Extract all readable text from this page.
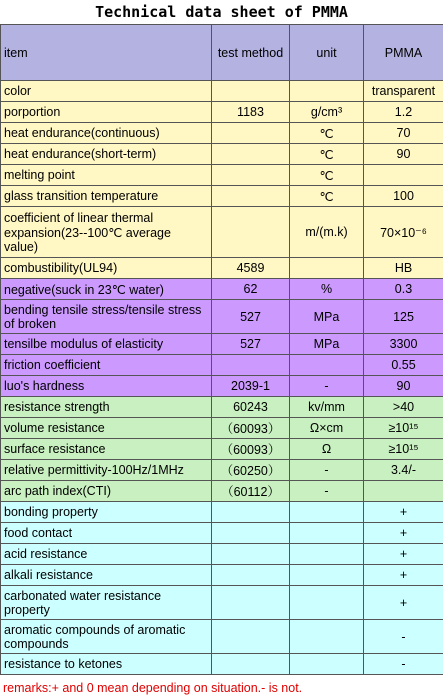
Technical data sheet of PMMA
item	test method	unit	PMMA
color			transparent
porportion	1183	g/cm³	1.2
heat endurance(continuous)		℃	70
heat endurance(short-term)		℃	90
melting point		℃	
glass transition temperature		℃	100
coefficient of linear thermal expansion(23--100℃ average value)		m/(m.k)	70×10⁻⁶
combustibility(UL94)	4589		HB
negative(suck in 23℃ water)	62	%	0.3
bending tensile stress/tensile stress of broken	527	MPa	125
tensilbe modulus of elasticity	527	MPa	3300
friction coefficient			0.55
luo's hardness	2039-1	-	90
resistance strength	60243	kv/mm	>40
volume resistance	（60093）	Ω×cm	≥10¹⁵
surface resistance	（60093）	Ω	≥10¹⁵
relative permittivity-100Hz/1MHz	（60250）	-	3.4/-
arc path index(CTI)	（60112）	-	
bonding property			+
food contact			+
acid resistance			+
alkali resistance			+
carbonated water resistance property			+
aromatic compounds of aromatic compounds			-
resistance to ketones			-
remarks:+ and 0 mean depending on situation.- is not.
